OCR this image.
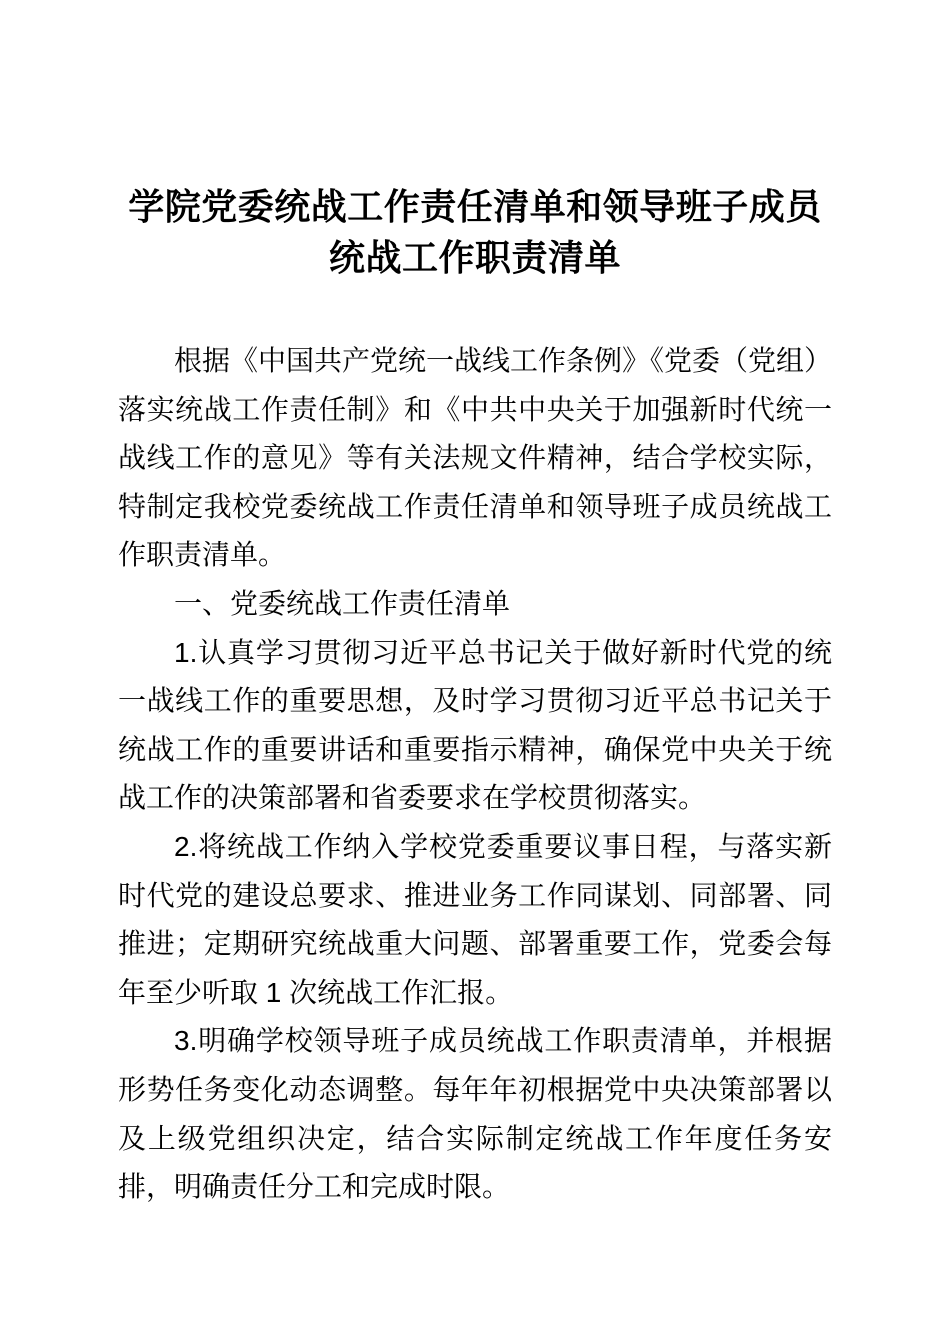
学院党委统战工作责任清单和领导班子成员
统战工作职责清单

根据《中国共产党统一战线工作条例》《党委（党组）落实统战工作责任制》和《中共中央关于加强新时代统一战线工作的意见》等有关法规文件精神，结合学校实际，特制定我校党委统战工作责任清单和领导班子成员统战工作职责清单。

一、党委统战工作责任清单

1.认真学习贯彻习近平总书记关于做好新时代党的统一战线工作的重要思想，及时学习贯彻习近平总书记关于统战工作的重要讲话和重要指示精神，确保党中央关于统战工作的决策部署和省委要求在学校贯彻落实。

2.将统战工作纳入学校党委重要议事日程，与落实新时代党的建设总要求、推进业务工作同谋划、同部署、同推进；定期研究统战重大问题、部署重要工作，党委会每年至少听取 1 次统战工作汇报。

3.明确学校领导班子成员统战工作职责清单，并根据形势任务变化动态调整。每年年初根据党中央决策部署以及上级党组织决定，结合实际制定统战工作年度任务安排，明确责任分工和完成时限。
